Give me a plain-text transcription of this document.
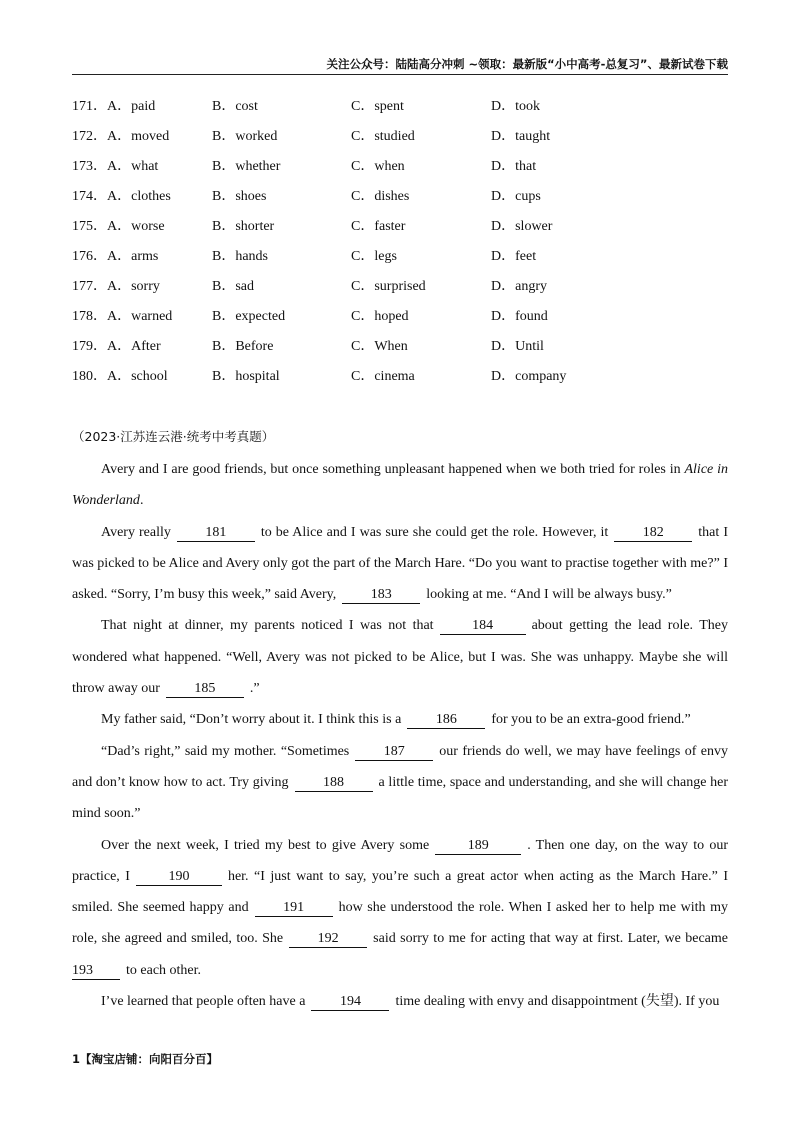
关注公众号：陆陆高分冲刺 ~领取：最新版“小中高考-总复习”、最新试卷下载
171． A．paid	B．cost	C．spent	D．took
172． A．moved	B．worked	C．studied	D．taught
173． A．what	B．whether	C．when	D．that
174． A．clothes	B．shoes	C．dishes	D．cups
175． A．worse	B．shorter	C．faster	D．slower
176． A．arms	B．hands	C．legs	D．feet
177． A．sorry	B．sad	C．surprised	D．angry
178． A．warned	B．expected	C．hoped	D．found
179． A．After	B．Before	C．When	D．Until
180． A．school	B．hospital	C．cinema	D．company
（2023·江苏连云港·统考中考真题）

Avery and I are good friends, but once something unpleasant happened when we both tried for roles in Alice in Wonderland.

Avery really 181 to be Alice and I was sure she could get the role. However, it 182 that I was picked to be Alice and Avery only got the part of the March Hare. “Do you want to practise together with me?” I asked. “Sorry, I’m busy this week,” said Avery, 183 looking at me. “And I will be always busy.”

That night at dinner, my parents noticed I was not that	184	about getting the lead role. They wondered what happened. “Well, Avery was not picked to be Alice, but I was. She was unhappy. Maybe she will throw away our 185 .”

My father said, “Don’t worry about it. I think this is a 186 for you to be an extra-good friend.”

“Dad’s right,” said my mother. “Sometimes 187 our friends do well, we may have feelings of envy and don’t know how to act. Try giving 188 a little time, space and understanding, and she will change her mind soon.”

Over the next week, I tried my best to give Avery some	189	. Then one day, on the way to our practice, I	190	her. “I just want to say, you’re such a great actor when acting as the March Hare.” I smiled. She seemed happy and 191 how she understood the role. When I asked her to help me with my role, she agreed and smiled, too. She 192 said sorry to me for acting that way at first. Later, we became193 to each other.

I’ve learned that people often have a 194 time dealing with envy and disappointment (失望). If you

1【淘宝店铺：向阳百分百】
